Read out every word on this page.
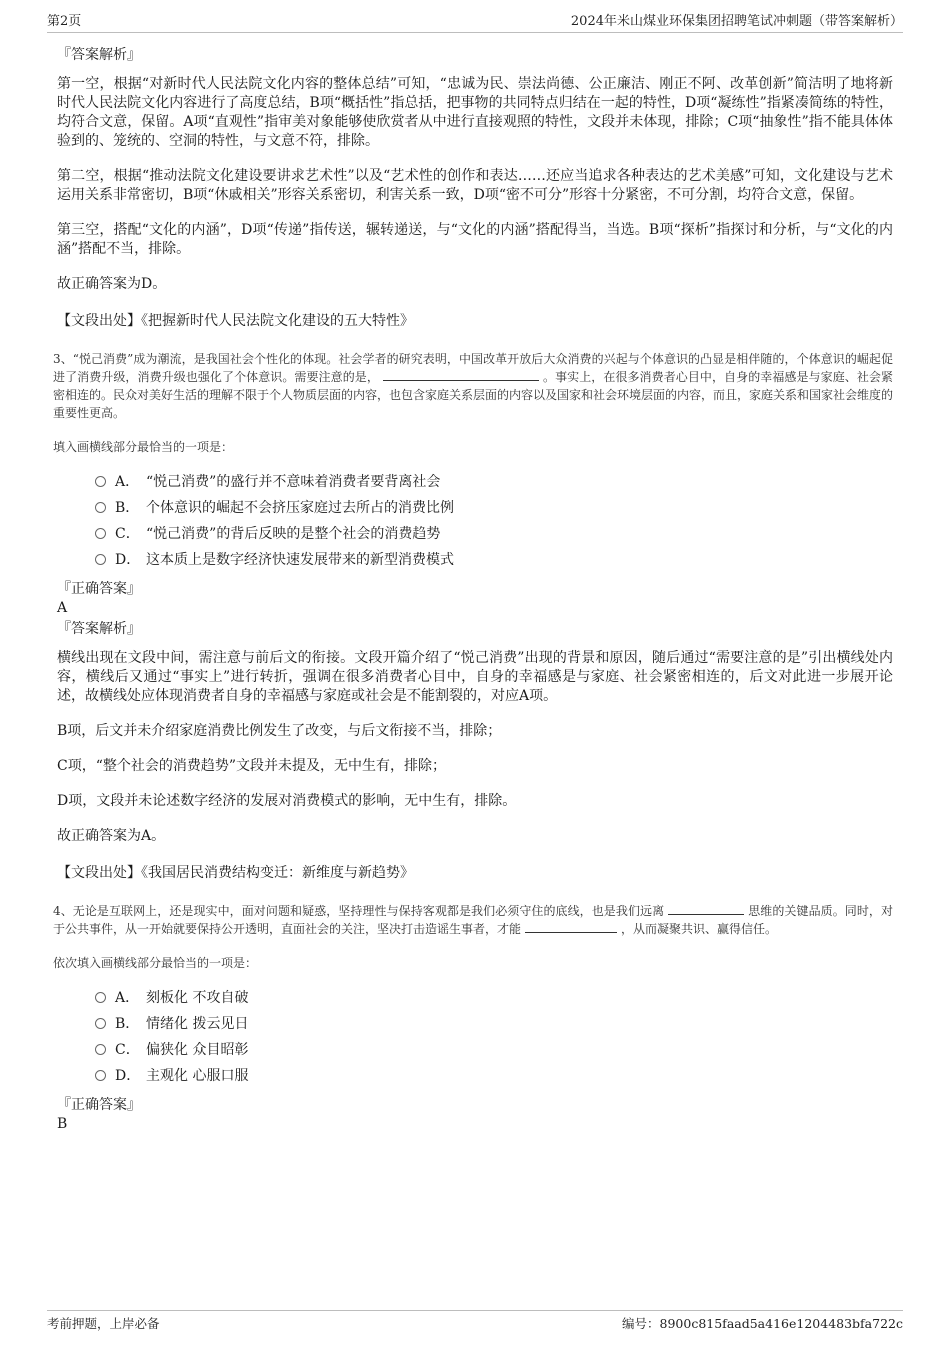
第2页	2024年米山煤业环保集团招聘笔试冲刺题（带答案解析）

『答案解析』

第一空，根据“对新时代人民法院文化内容的整体总结”可知，“忠诚为民、崇法尚德、公正廉洁、刚正不阿、改革创新”简洁明了地将新时代人民法院文化内容进行了高度总结，B项“概括性”指总括，把事物的共同特点归结在一起的特性，D项“凝练性”指紧凑简练的特性，均符合文意，保留。A项“直观性”指审美对象能够使欣赏者从中进行直接观照的特性，文段并未体现，排除；C项“抽象性”指不能具体体验到的、笼统的、空洞的特性，与文意不符，排除。

第二空，根据“推动法院文化建设要讲求艺术性”以及“艺术性的创作和表达……还应当追求各种表达的艺术美感”可知，文化建设与艺术运用关系非常密切，B项“休戚相关”形容关系密切，利害关系一致，D项“密不可分”形容十分紧密，不可分割，均符合文意，保留。

第三空，搭配“文化的内涵”，D项“传递”指传送，辗转递送，与“文化的内涵”搭配得当，当选。B项“探析”指探讨和分析，与“文化的内涵”搭配不当，排除。

故正确答案为D。

【文段出处】《把握新时代人民法院文化建设的五大特性》

3、“悦己消费”成为潮流，是我国社会个性化的体现。社会学者的研究表明，中国改革开放后大众消费的兴起与个体意识的凸显是相伴随的，个体意识的崛起促进了消费升级，消费升级也强化了个体意识。需要注意的是，	。事实上，在很多消费者心目中，自身的幸福感是与家庭、社会紧密相连的。民众对美好生活的理解不限于个人物质层面的内容，也包含家庭关系层面的内容以及国家和社会环境层面的内容，而且，家庭关系和国家社会维度的重要性更高。

填入画横线部分最恰当的一项是：

A． “悦己消费”的盛行并不意味着消费者要背离社会
B． 个体意识的崛起不会挤压家庭过去所占的消费比例
C． “悦己消费”的背后反映的是整个社会的消费趋势
D． 这本质上是数字经济快速发展带来的新型消费模式

『正确答案』

A

『答案解析』

横线出现在文段中间，需注意与前后文的衔接。文段开篇介绍了“悦己消费”出现的背景和原因，随后通过“需要注意的是”引出横线处内容，横线后又通过“事实上”进行转折，强调在很多消费者心目中，自身的幸福感是与家庭、社会紧密相连的，后文对此进一步展开论述，故横线处应体现消费者自身的幸福感与家庭或社会是不能割裂的，对应A项。

B项，后文并未介绍家庭消费比例发生了改变，与后文衔接不当，排除；

C项，“整个社会的消费趋势”文段并未提及，无中生有，排除；

D项，文段并未论述数字经济的发展对消费模式的影响，无中生有，排除。

故正确答案为A。

【文段出处】《我国居民消费结构变迁：新维度与新趋势》

4、无论是互联网上，还是现实中，面对问题和疑惑，坚持理性与保持客观都是我们必须守住的底线，也是我们远离	思维的关键品质。同时，对于公共事件，从一开始就要保持公开透明，直面社会的关注，坚决打击造谣生事者，才能	，从而凝聚共识、赢得信任。

依次填入画横线部分最恰当的一项是：

A． 刻板化 不攻自破
B． 情绪化 拨云见日
C． 偏狭化 众目昭彰
D． 主观化 心服口服

『正确答案』

B

考前押题，上岸必备	编号：8900c815faad5a416e1204483bfa722c
